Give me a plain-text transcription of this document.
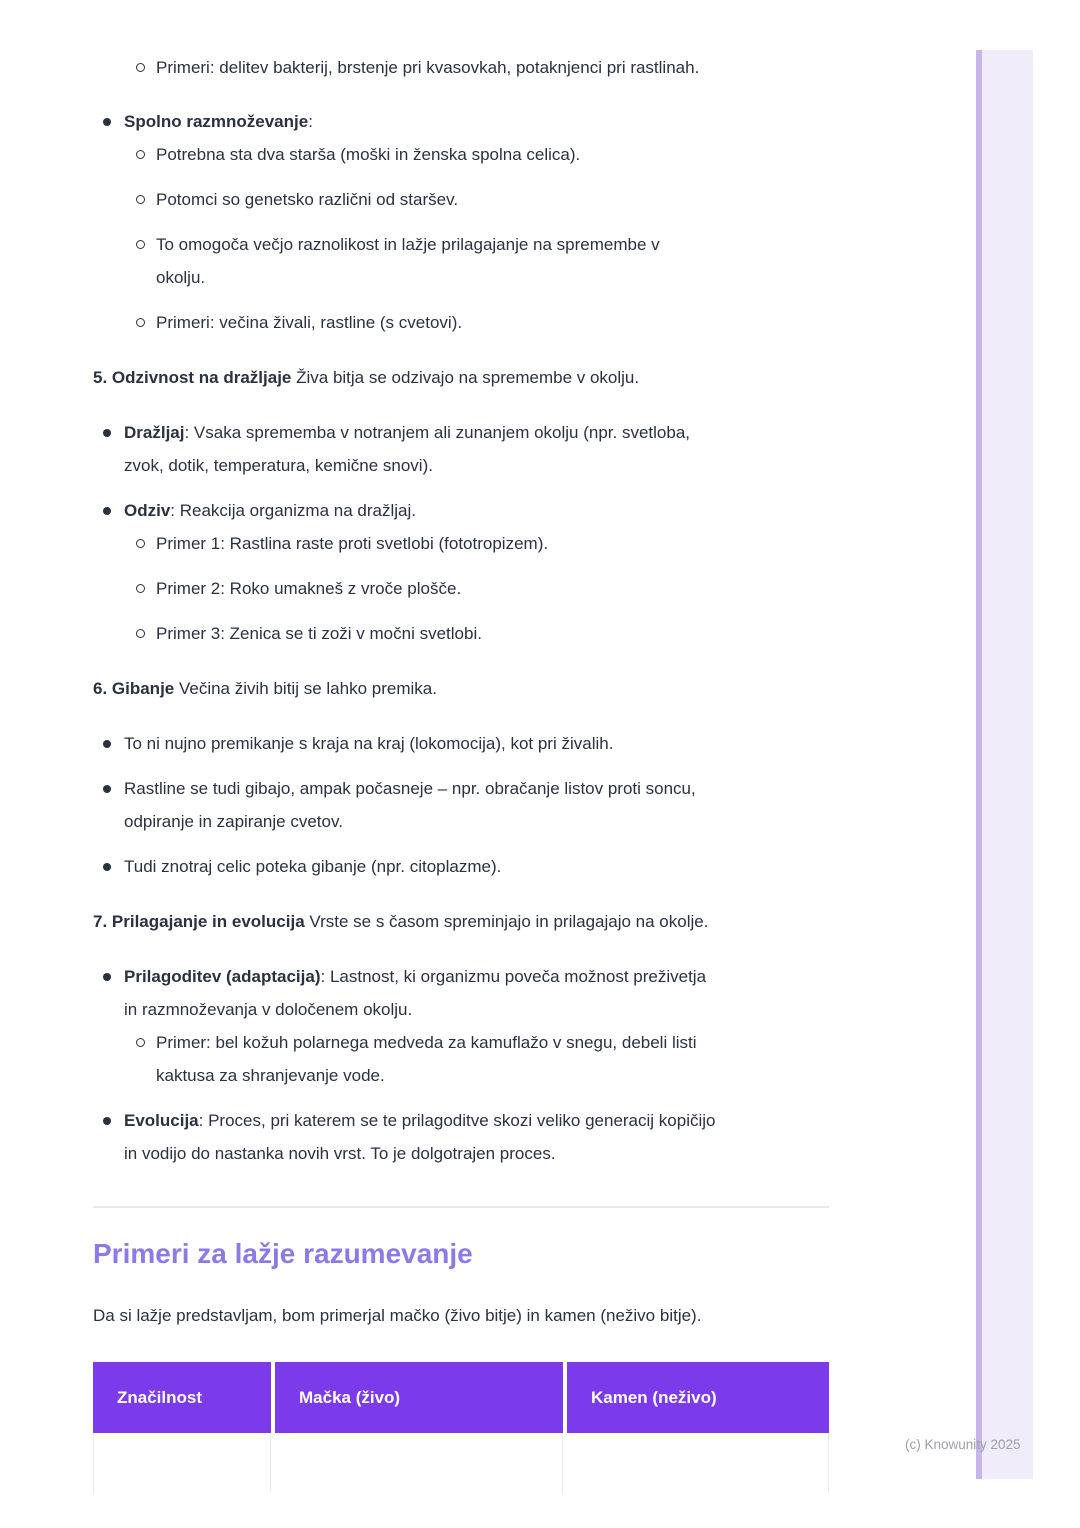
(c) Knowunity 2025
Primeri: delitev bakterij, brstenje pri kvasovkah, potaknjenci pri rastlinah.
Spolno razmnoževanje:
Potrebna sta dva starša (moški in ženska spolna celica).
Potomci so genetsko različni od staršev.
To omogoča večjo raznolikost in lažje prilagajanje na spremembe v
okolju.
Primeri: večina živali, rastline (s cvetovi).

5. Odzivnost na dražljaje Živa bitja se odzivajo na spremembe v okolju.

Dražljaj: Vsaka sprememba v notranjem ali zunanjem okolju (npr. svetloba,
zvok, dotik, temperatura, kemične snovi).
Odziv: Reakcija organizma na dražljaj.
Primer 1: Rastlina raste proti svetlobi (fototropizem).
Primer 2: Roko umakneš z vroče plošče.
Primer 3: Zenica se ti zoži v močni svetlobi.

6. Gibanje Večina živih bitij se lahko premika.

To ni nujno premikanje s kraja na kraj (lokomocija), kot pri živalih.
Rastline se tudi gibajo, ampak počasneje – npr. obračanje listov proti soncu,
odpiranje in zapiranje cvetov.
Tudi znotraj celic poteka gibanje (npr. citoplazme).

7. Prilagajanje in evolucija Vrste se s časom spreminjajo in prilagajajo na okolje.

Prilagoditev (adaptacija): Lastnost, ki organizmu poveča možnost preživetja
in razmnoževanja v določenem okolju.
Primer: bel kožuh polarnega medveda za kamuflažo v snegu, debeli listi
kaktusa za shranjevanje vode.
Evolucija: Proces, pri katerem se te prilagoditve skozi veliko generacij kopičijo
in vodijo do nastanka novih vrst. To je dolgotrajen proces.
Primeri za lažje razumevanje

Da si lažje predstavljam, bom primerjal mačko (živo bitje) in kamen (neživo bitje).

Značilnost	Mačka (živo)	Kamen (neživo)
